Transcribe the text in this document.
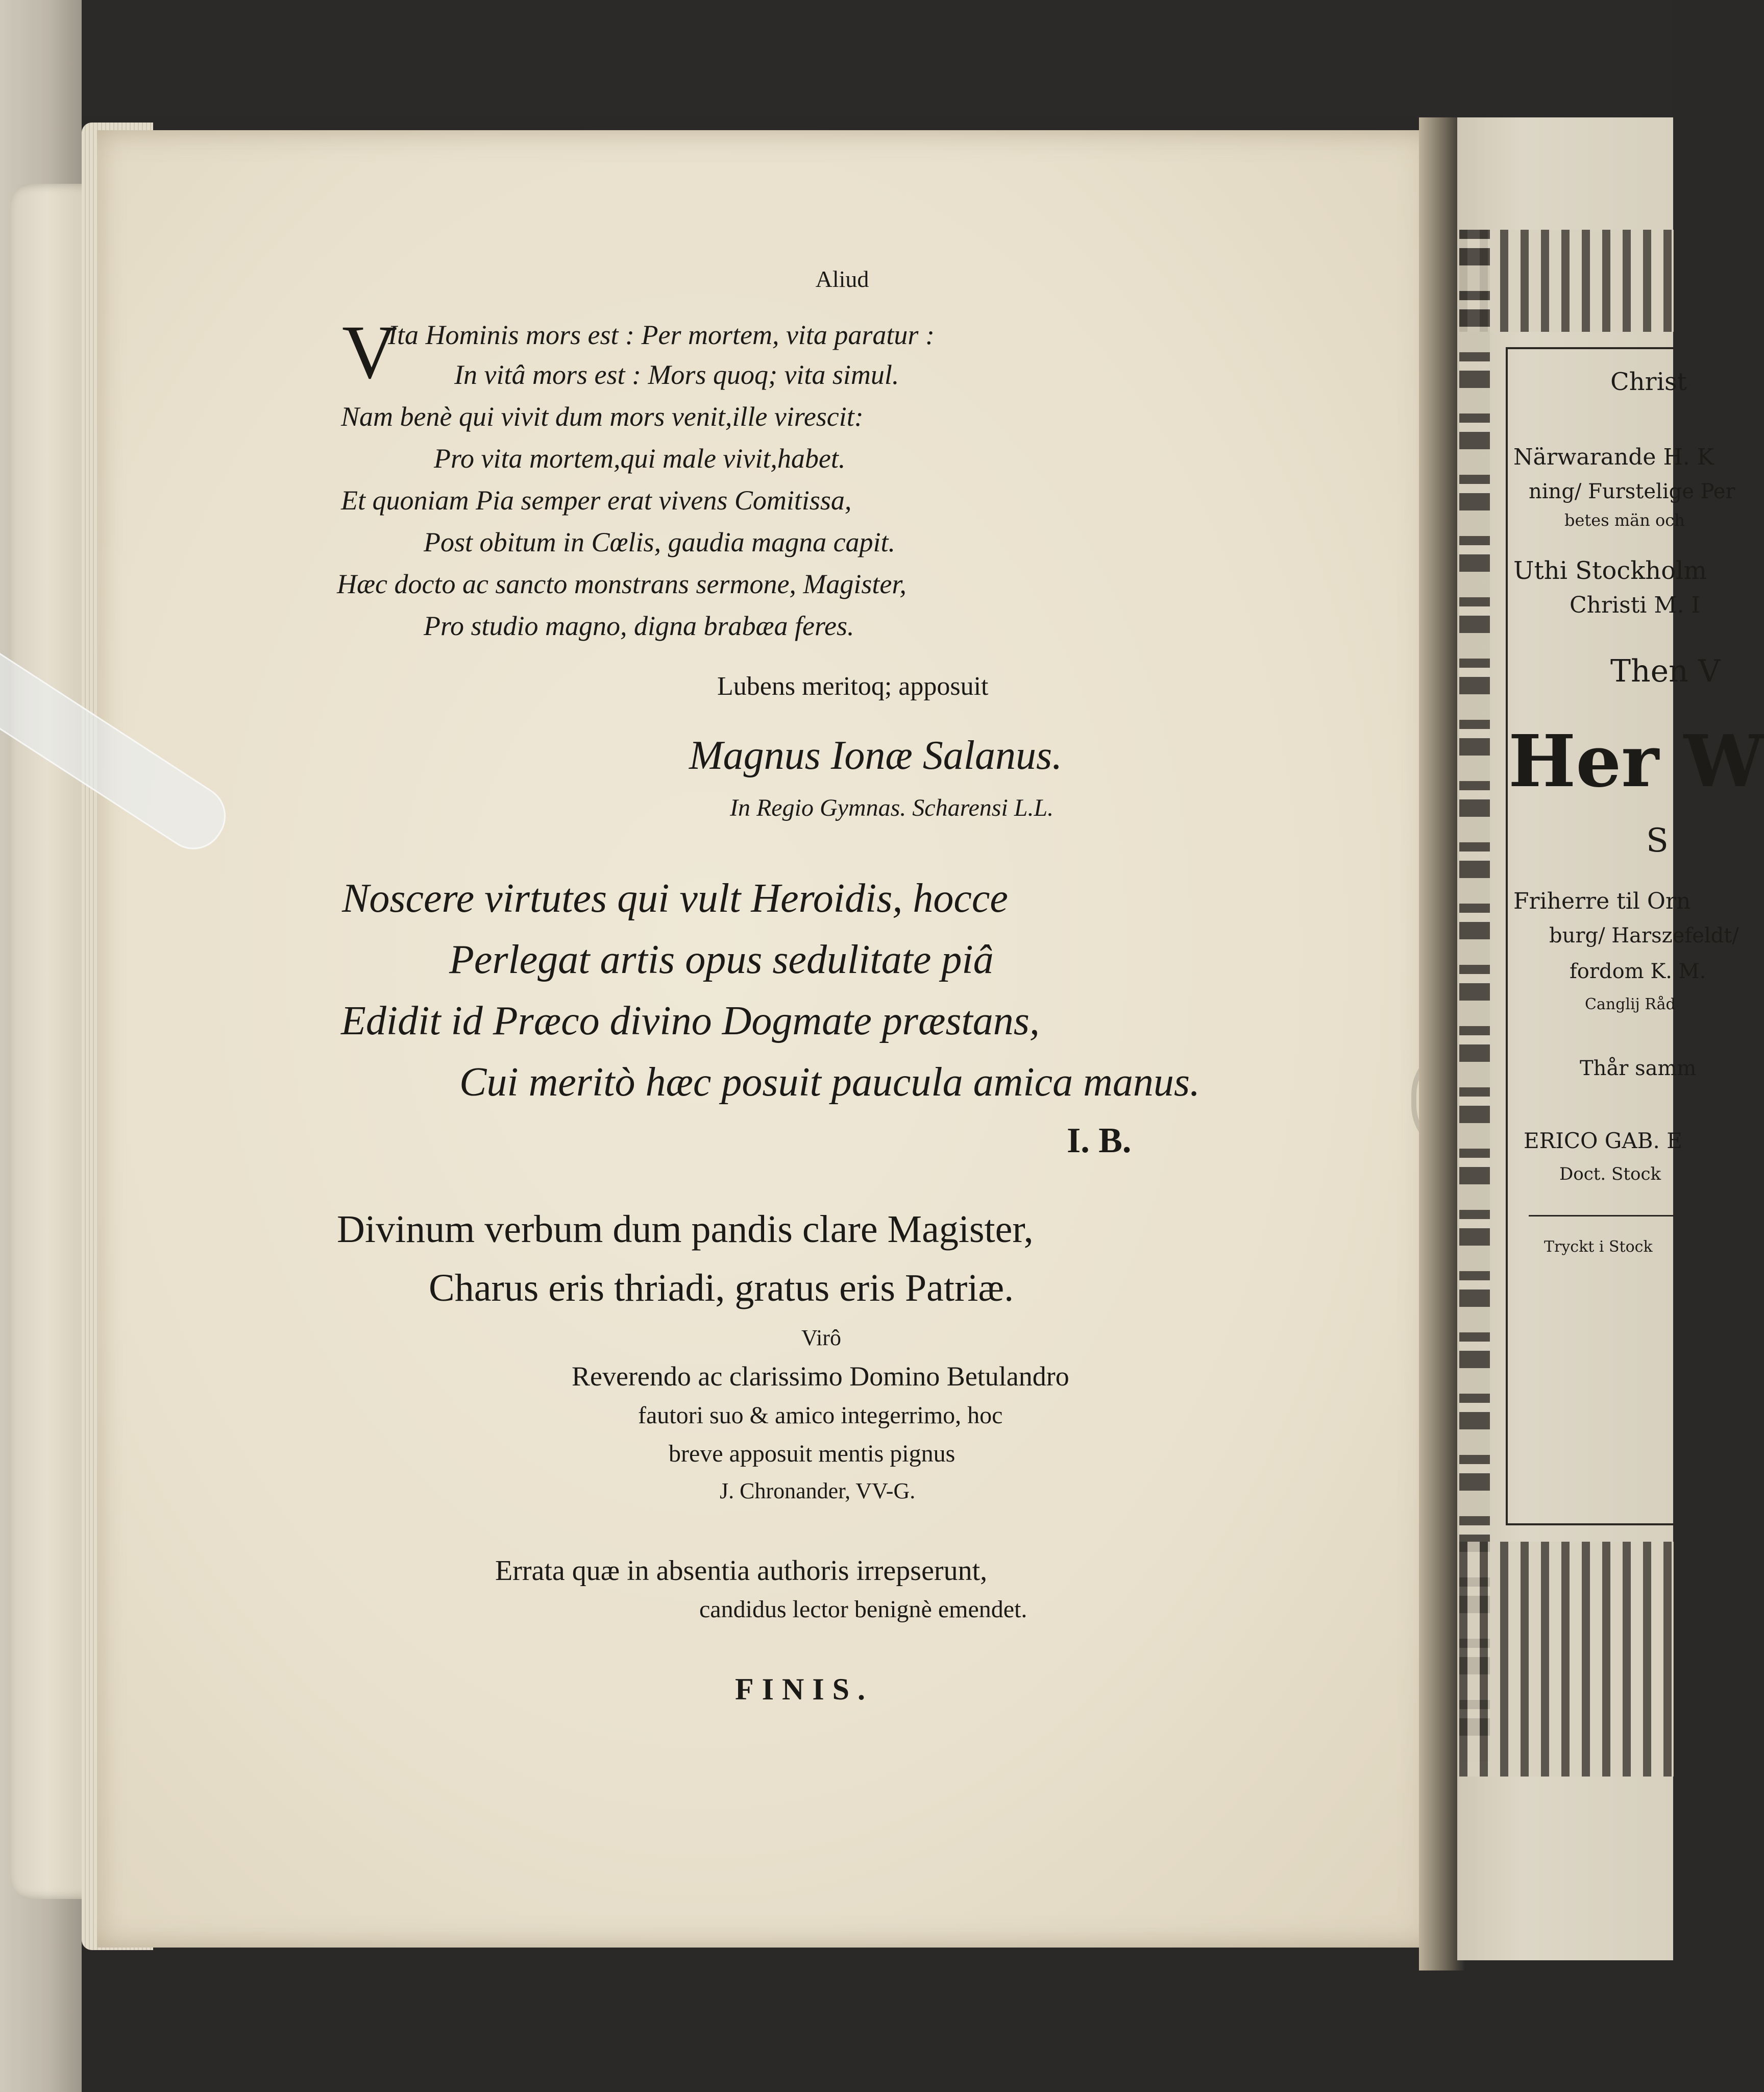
Aliud
V
Ita Hominis mors est : Per mortem, vita paratur :
In vitâ mors est : Mors quoq; vita simul.
Nam benè qui vivit dum mors venit,ille virescit:
Pro vita mortem,qui male vivit,habet.
Et quoniam Pia semper erat vivens Comitissa,
Post obitum in Cœlis, gaudia magna capit.
Hæc docto ac sancto monstrans sermone, Magister,
Pro studio magno, digna brabæa feres.
Lubens meritoq; apposuit
Magnus Ionæ Salanus.
In Regio Gymnas. Scharensi L.L.
Noscere virtutes qui vult Heroidis, hocce
Perlegat artis opus sedulitate piâ
Edidit id Præco divino Dogmate præstans,
Cui meritò hæc posuit paucula amica manus.
I. B.
Divinum verbum dum pandis clare Magister,
Charus eris thriadi, gratus eris Patriæ.
Virô
Reverendo ac clarissimo Domino Betulandro
fautori suo & amico integerrimo, hoc
breve apposuit mentis pignus
J. Chronander, VV-G.
Errata quæ in absentia authoris irrepserunt,
candidus lector benignè emendet.
FINIS.
Christ
Närwarande H. K
ning/ Furstelige Per
betes män och
Uthi Stockholm
Christi M. I
Then V
Her W
S
Friherre til Orn
burg/ Harszefeldt/
fordom K. M.
Canglij Råd
Thår samm
ERICO GAB. E
Doct. Stock
Tryckt i Stock
